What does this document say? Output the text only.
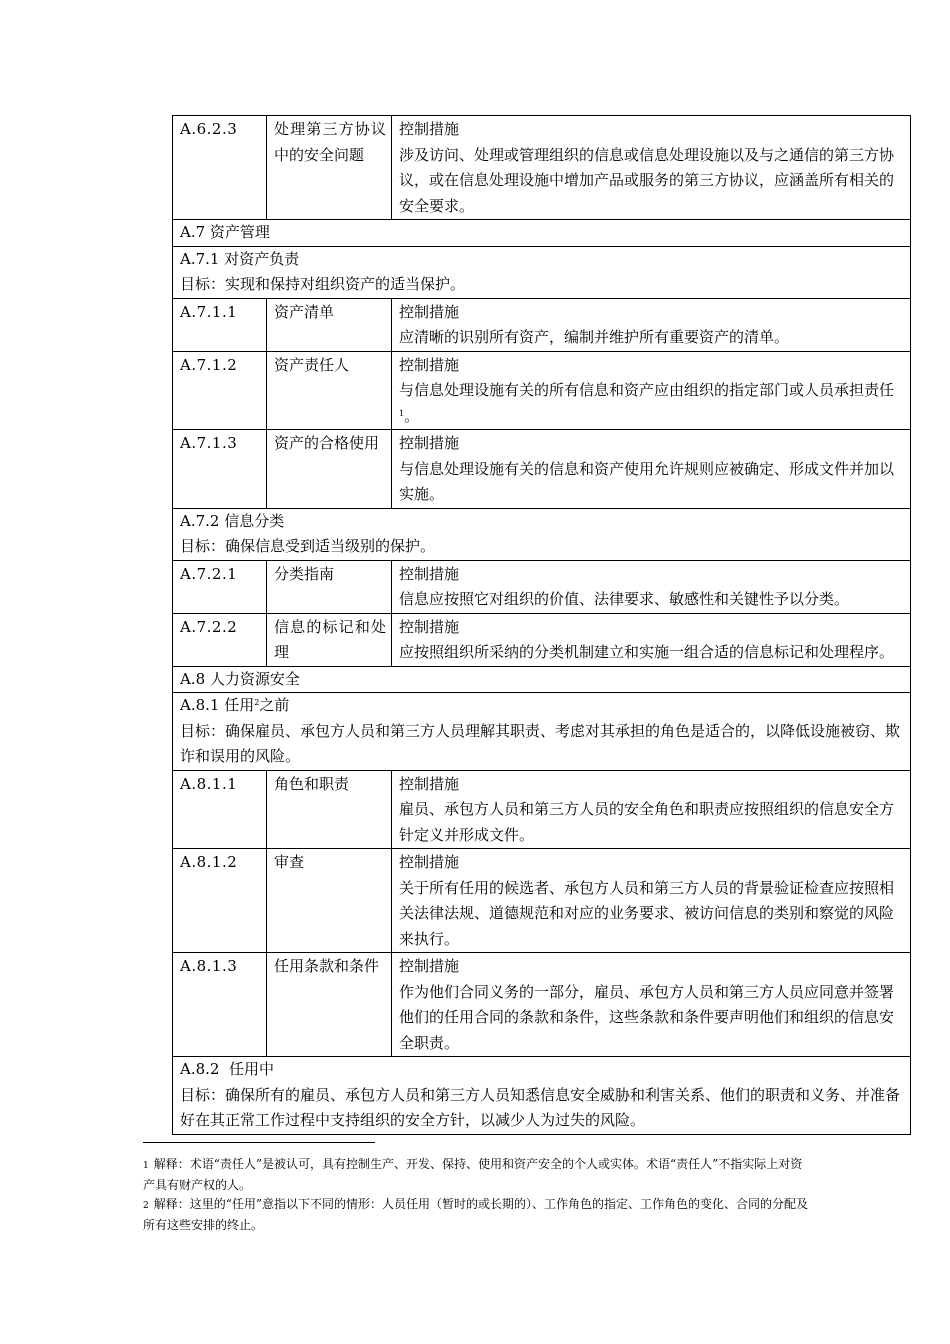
A.6.2.3	处理第三方协议中的安全问题	控制措施
涉及访问、处理或管理组织的信息或信息处理设施以及与之通信的第三方协议，或在信息处理设施中增加产品或服务的第三方协议，应涵盖所有相关的安全要求。

A.7 资产管理		

A.7.1 对资产负责
目标：实现和保持对组织资产的适当保护。		

A.7.1.1	资产清单	控制措施
应清晰的识别所有资产，编制并维护所有重要资产的清单。

A.7.1.2	资产责任人	控制措施
与信息处理设施有关的所有信息和资产应由组织的指定部门或人员承担责任$^1$。

A.7.1.3	资产的合格使用	控制措施
与信息处理设施有关的信息和资产使用允许规则应被确定、形成文件并加以实施。

A.7.2 信息分类
目标：确保信息受到适当级别的保护。		

A.7.2.1	分类指南	控制措施
信息应按照它对组织的价值、法律要求、敏感性和关键性予以分类。

A.7.2.2	信息的标记和处理	控制措施
应按照组织所采纳的分类机制建立和实施一组合适的信息标记和处理程序。

A.8 人力资源安全		

A.8.1 任用$^2$之前
目标：确保雇员、承包方人员和第三方人员理解其职责、考虑对其承担的角色是适合的，以降低设施被窃、欺诈和误用的风险。		

A.8.1.1	角色和职责	控制措施
雇员、承包方人员和第三方人员的安全角色和职责应按照组织的信息安全方针定义并形成文件。

A.8.1.2	审查	控制措施
关于所有任用的候选者、承包方人员和第三方人员的背景验证检查应按照相关法律法规、道德规范和对应的业务要求、被访问信息的类别和察觉的风险来执行。

A.8.1.3	任用条款和条件	控制措施
作为他们合同义务的一部分，雇员、承包方人员和第三方人员应同意并签署他们的任用合同的条款和条件，这些条款和条件要声明他们和组织的信息安全职责。

A.8.2  任用中
目标：确保所有的雇员、承包方人员和第三方人员知悉信息安全威胁和利害关系、他们的职责和义务、并准备好在其正常工作过程中支持组织的安全方针，以减少人为过失的风险。		
1 解释：术语“责任人”是被认可，具有控制生产、开发、保持、使用和资产安全的个人或实体。术语“责任人”不指实际上对资产具有财产权的人。
2 解释：这里的“任用”意指以下不同的情形：人员任用（暂时的或长期的）、工作角色的指定、工作角色的变化、合同的分配及所有这些安排的终止。
